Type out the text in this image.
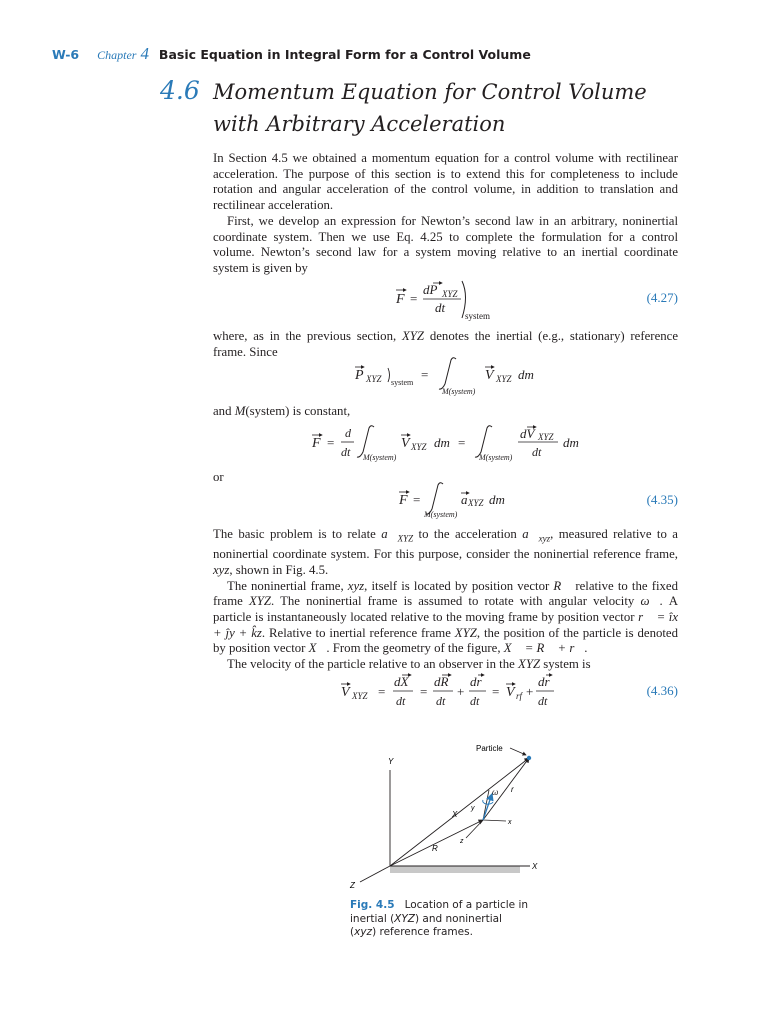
W-6 Chapter 4 Basic Equation in Integral Form for a Control Volume
4.6 Momentum Equation for Control Volume
with Arbitrary Acceleration
In Section 4.5 we obtained a momentum equation for a control volume with rectilinear acceleration. The purpose of this section is to extend this for completeness to include rotation and angular acceleration of the control volume, in addition to translation and rectilinear acceleration.
First, we develop an expression for Newton’s second law in an arbitrary, noninertial coordinate system. Then we use Eq. 4.25 to complete the formulation for a control volume. Newton’s second law for a system moving relative to an inertial coordinate system is given by
F =
dP XYZ
dt
system
(4.27)
where, as in the previous section, XYZ denotes the inertial (e.g., stationary) reference frame. Since
P XYZ system
=
M(system)
V XYZ dm
and M(system) is constant,
F =
d
dt M(system)
V XYZ dm =
M(system)
dV XYZ
dt
dm
or
F =
M(system)
a XYZ dm	(4.35)
The basic problem is to relate $a⃗_{XYZ}$ to the acceleration $a⃗_{xyz}$, measured relative to a noninertial coordinate system. For this purpose, consider the noninertial reference frame, xyz, shown in Fig. 4.5.
The noninertial frame, xyz, itself is located by position vector R⃗ relative to the fixed frame XYZ. The noninertial frame is assumed to rotate with angular velocity ω⃗. A particle is instantaneously located relative to the moving frame by position vector r⃗ = îx + ĵy + k̂z. Relative to inertial reference frame XYZ, the position of the particle is denoted by position vector X⃗. From the geometry of the figure, X⃗ = R⃗ + r⃗.
The velocity of the particle relative to an observer in the XYZ system is
V XYZ =
dX
dt
=
dR
dt
+
dr
dt
= V rf +
dr
dt
(4.36)
Y
X
Z
R
X
r
y
x
z
ω
Particle
Fig. 4.5 Location of a particle in inertial (XYZ) and noninertial (xyz) reference frames.
